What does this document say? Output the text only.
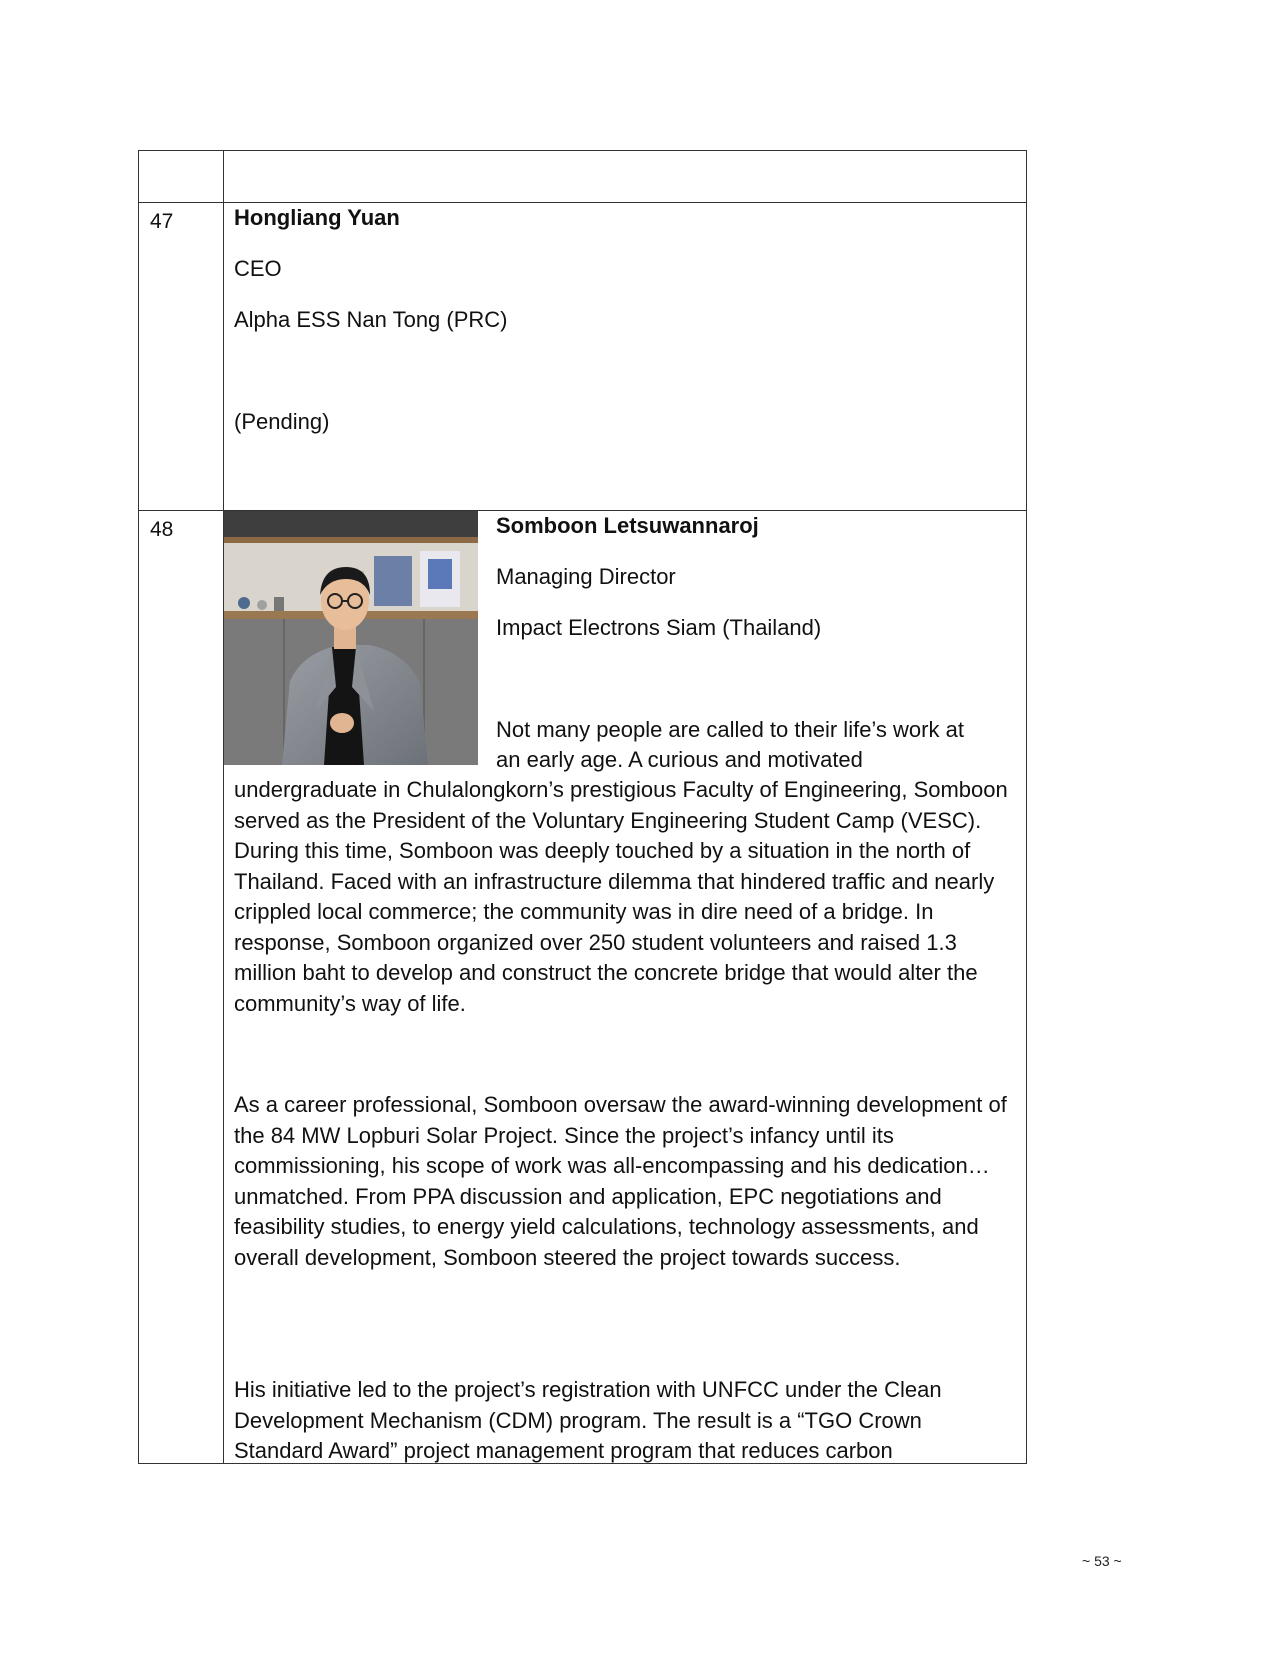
47	Hongliang Yuan
CEO
Alpha ESS Nan Tong (PRC)
(Pending)
48	Somboon Letsuwannaroj
Managing Director
Impact Electrons Siam (Thailand)
Not many people are called to their life’s work at
an early age. A curious and motivated

undergraduate in Chulalongkorn’s prestigious Faculty of Engineering, Somboon served as the President of the Voluntary Engineering Student Camp (VESC). During this time, Somboon was deeply touched by a situation in the north of Thailand. Faced with an infrastructure dilemma that hindered traffic and nearly crippled local commerce; the community was in dire need of a bridge. In response, Somboon organized over 250 student volunteers and raised 1.3 million baht to develop and construct the concrete bridge that would alter the community’s way of life.

As a career professional, Somboon oversaw the award-winning development of the 84 MW Lopburi Solar Project. Since the project’s infancy until its commissioning, his scope of work was all-encompassing and his dedication…unmatched. From PPA discussion and application, EPC negotiations and feasibility studies, to energy yield calculations, technology assessments, and overall development, Somboon steered the project towards success.

His initiative led to the project’s registration with UNFCC under the Clean Development Mechanism (CDM) program. The result is a “TGO Crown Standard Award” project management program that reduces carbon

~ 53 ~
